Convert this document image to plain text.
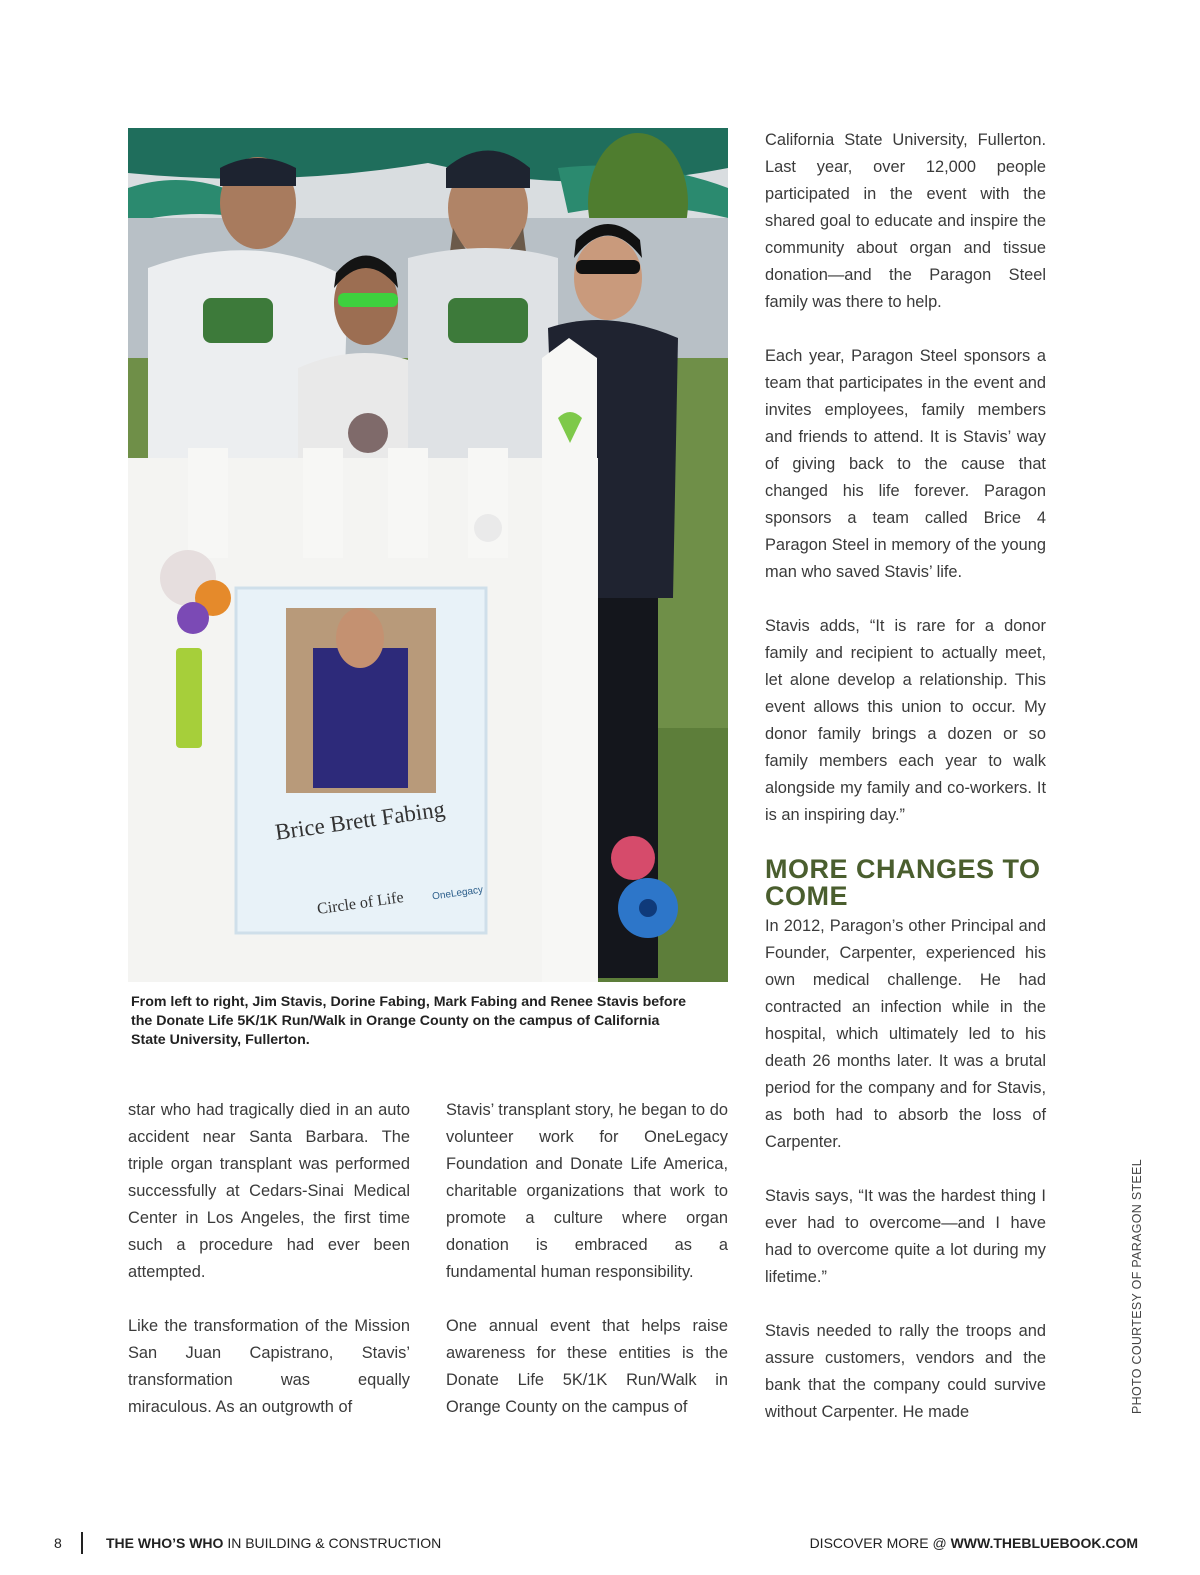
Brice Brett Fabing
Circle of Life	OneLegacy
From left to right, Jim Stavis, Dorine Fabing, Mark Fabing and Renee Stavis before the Donate Life 5K/1K Run/Walk in Orange County on the campus of California State University, Fullerton.

star who had tragically died in an auto accident near Santa Barbara. The triple organ transplant was performed successfully at Cedars-Sinai Medical Center in Los Angeles, the first time such a procedure had ever been attempted.

Like the transformation of the Mission San Juan Capistrano, Stavis’ transformation was equally miraculous. As an outgrowth of

Stavis’ transplant story, he began to do volunteer work for OneLegacy Foundation and Donate Life America, charitable organizations that work to promote a culture where organ donation is embraced as a fundamental human responsibility.

One annual event that helps raise awareness for these entities is the Donate Life 5K/1K Run/Walk in Orange County on the campus of

California State University, Fullerton. Last year, over 12,000 people participated in the event with the shared goal to educate and inspire the community about organ and tissue donation—and the Paragon Steel family was there to help.

Each year, Paragon Steel sponsors a team that participates in the event and invites employees, family members and friends to attend. It is Stavis’ way of giving back to the cause that changed his life forever. Paragon sponsors a team called Brice 4 Paragon Steel in memory of the young man who saved Stavis’ life.

Stavis adds, “It is rare for a donor family and recipient to actually meet, let alone develop a relationship. This event allows this union to occur. My donor family brings a dozen or so family members each year to walk alongside my family and co-workers. It is an inspiring day.”

MORE CHANGES TO COME

In 2012, Paragon’s other Principal and Founder, Carpenter, experienced his own medical challenge. He had contracted an infection while in the hospital, which ultimately led to his death 26 months later. It was a brutal period for the company and for Stavis, as both had to absorb the loss of Carpenter.

Stavis says, “It was the hardest thing I ever had to overcome—and I have had to overcome quite a lot during my lifetime.”

Stavis needed to rally the troops and assure customers, vendors and the bank that the company could survive without Carpenter. He made	PHOTO COURTESY OF PARAGON STEEL
8	THE WHO’S WHO IN BUILDING & CONSTRUCTION	DISCOVER MORE @ WWW.THEBLUEBOOK.COM
